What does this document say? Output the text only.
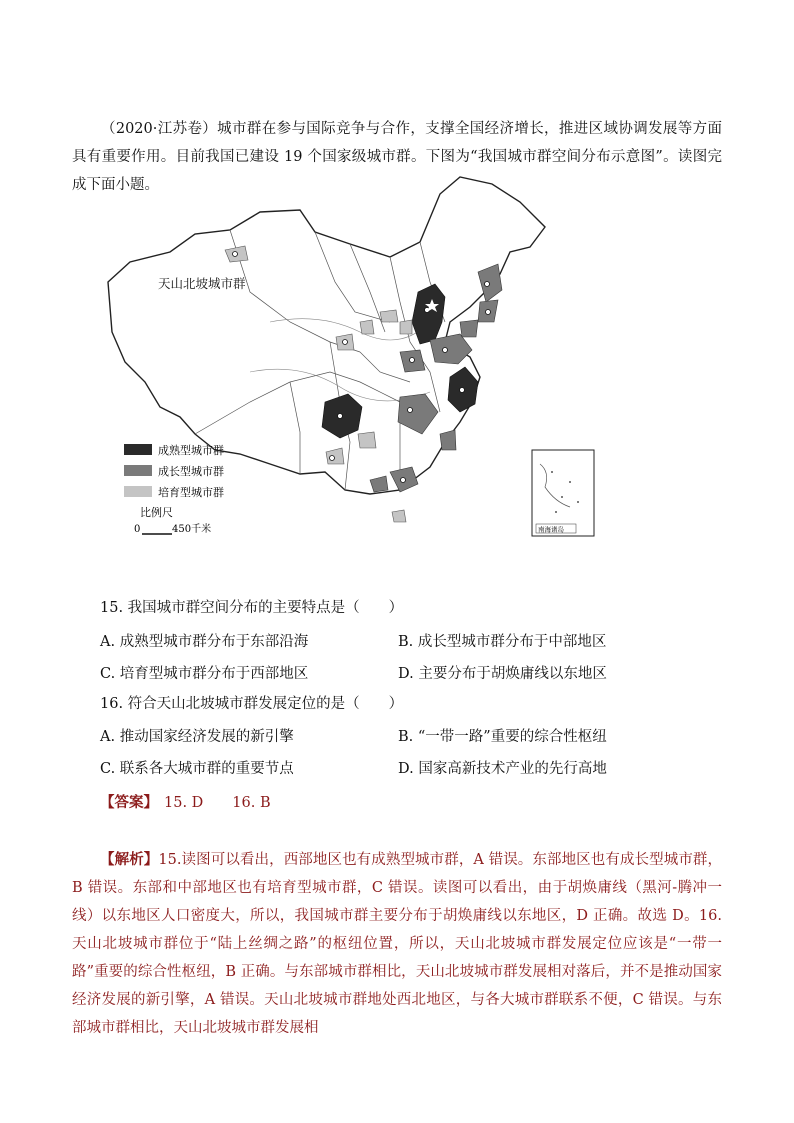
（2020·江苏卷）城市群在参与国际竞争与合作，支撑全国经济增长，推进区域协调发展等方面具有重要作用。目前我国已建设 19 个国家级城市群。下图为“我国城市群空间分布示意图”。读图完成下面小题。

天山北坡城市群
成熟型城市群
成长型城市群
培育型城市群
比例尺
0	450千米	南海诸岛
15. 我国城市群空间分布的主要特点是（　　）
A. 成熟型城市群分布于东部沿海	B. 成长型城市群分布于中部地区
C. 培育型城市群分布于西部地区	D. 主要分布于胡焕庸线以东地区
16. 符合天山北坡城市群发展定位的是（　　）
A. 推动国家经济发展的新引擎	B. “一带一路”重要的综合性枢纽
C. 联系各大城市群的重要节点	D. 国家高新技术产业的先行高地
【答案】 15. D　　16. B

【解析】15.读图可以看出，西部地区也有成熟型城市群，A 错误。东部地区也有成长型城市群，B 错误。东部和中部地区也有培育型城市群，C 错误。读图可以看出，由于胡焕庸线（黑河-腾冲一线）以东地区人口密度大，所以，我国城市群主要分布于胡焕庸线以东地区，D 正确。故选 D。16.天山北坡城市群位于“陆上丝绸之路”的枢纽位置，所以，天山北坡城市群发展定位应该是“一带一路”重要的综合性枢纽，B 正确。与东部城市群相比，天山北坡城市群发展相对落后，并不是推动国家经济发展的新引擎，A 错误。天山北坡城市群地处西北地区，与各大城市群联系不便，C 错误。与东部城市群相比，天山北坡城市群发展相
